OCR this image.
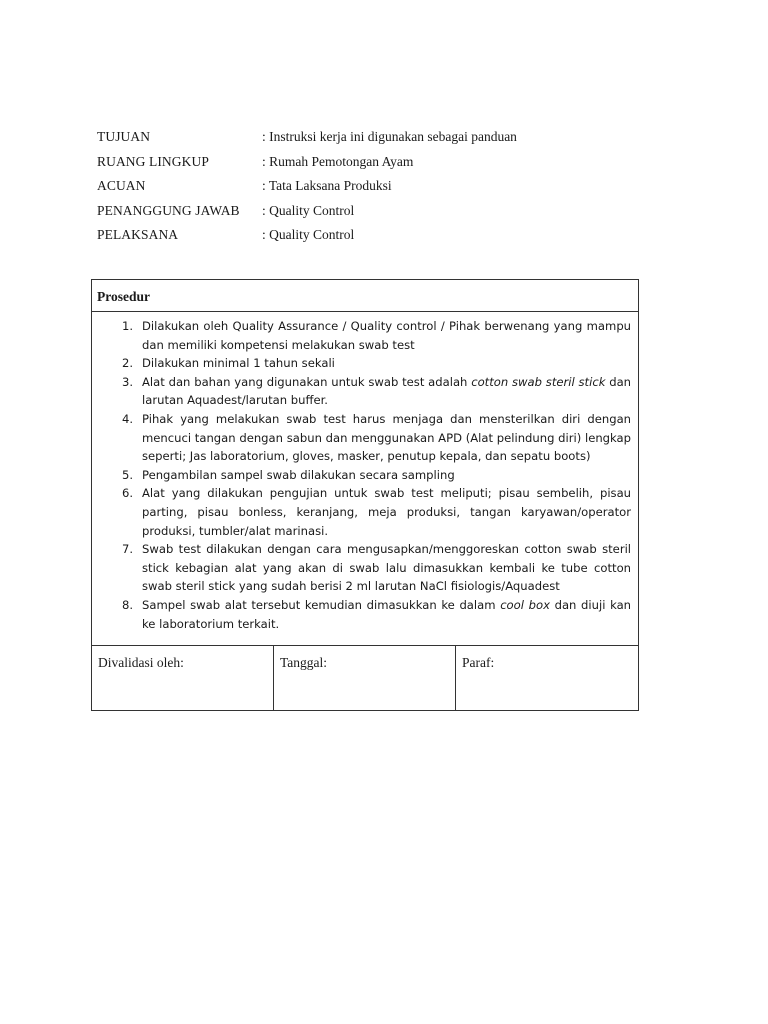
TUJUAN	: Instruksi kerja ini digunakan sebagai panduan
RUANG LINGKUP	: Rumah Pemotongan Ayam
ACUAN	: Tata Laksana Produksi
PENANGGUNG JAWAB	: Quality Control
PELAKSANA	: Quality Control
Prosedur

1. Dilakukan oleh Quality Assurance / Quality control / Pihak berwenang yang mampu dan memiliki kompetensi melakukan swab test
2. Dilakukan minimal 1 tahun sekali
3. Alat dan bahan yang digunakan untuk swab test adalah cotton swab steril stick dan larutan Aquadest/larutan buffer.
4. Pihak yang melakukan swab test harus menjaga dan mensterilkan diri dengan mencuci tangan dengan sabun dan menggunakan APD (Alat pelindung diri) lengkap seperti; Jas laboratorium, gloves, masker, penutup kepala, dan sepatu boots)
5. Pengambilan sampel swab dilakukan secara sampling
6. Alat yang dilakukan pengujian untuk swab test meliputi; pisau sembelih, pisau parting, pisau bonless, keranjang, meja produksi, tangan karyawan/operator produksi, tumbler/alat marinasi.
7. Swab test dilakukan dengan cara mengusapkan/menggoreskan cotton swab steril stick kebagian alat yang akan di swab lalu dimasukkan kembali ke tube cotton swab steril stick yang sudah berisi 2 ml larutan NaCl fisiologis/Aquadest
8. Sampel swab alat tersebut kemudian dimasukkan ke dalam cool box dan diuji kan ke laboratorium terkait.

Divalidasi oleh:	Tanggal:	Paraf:
